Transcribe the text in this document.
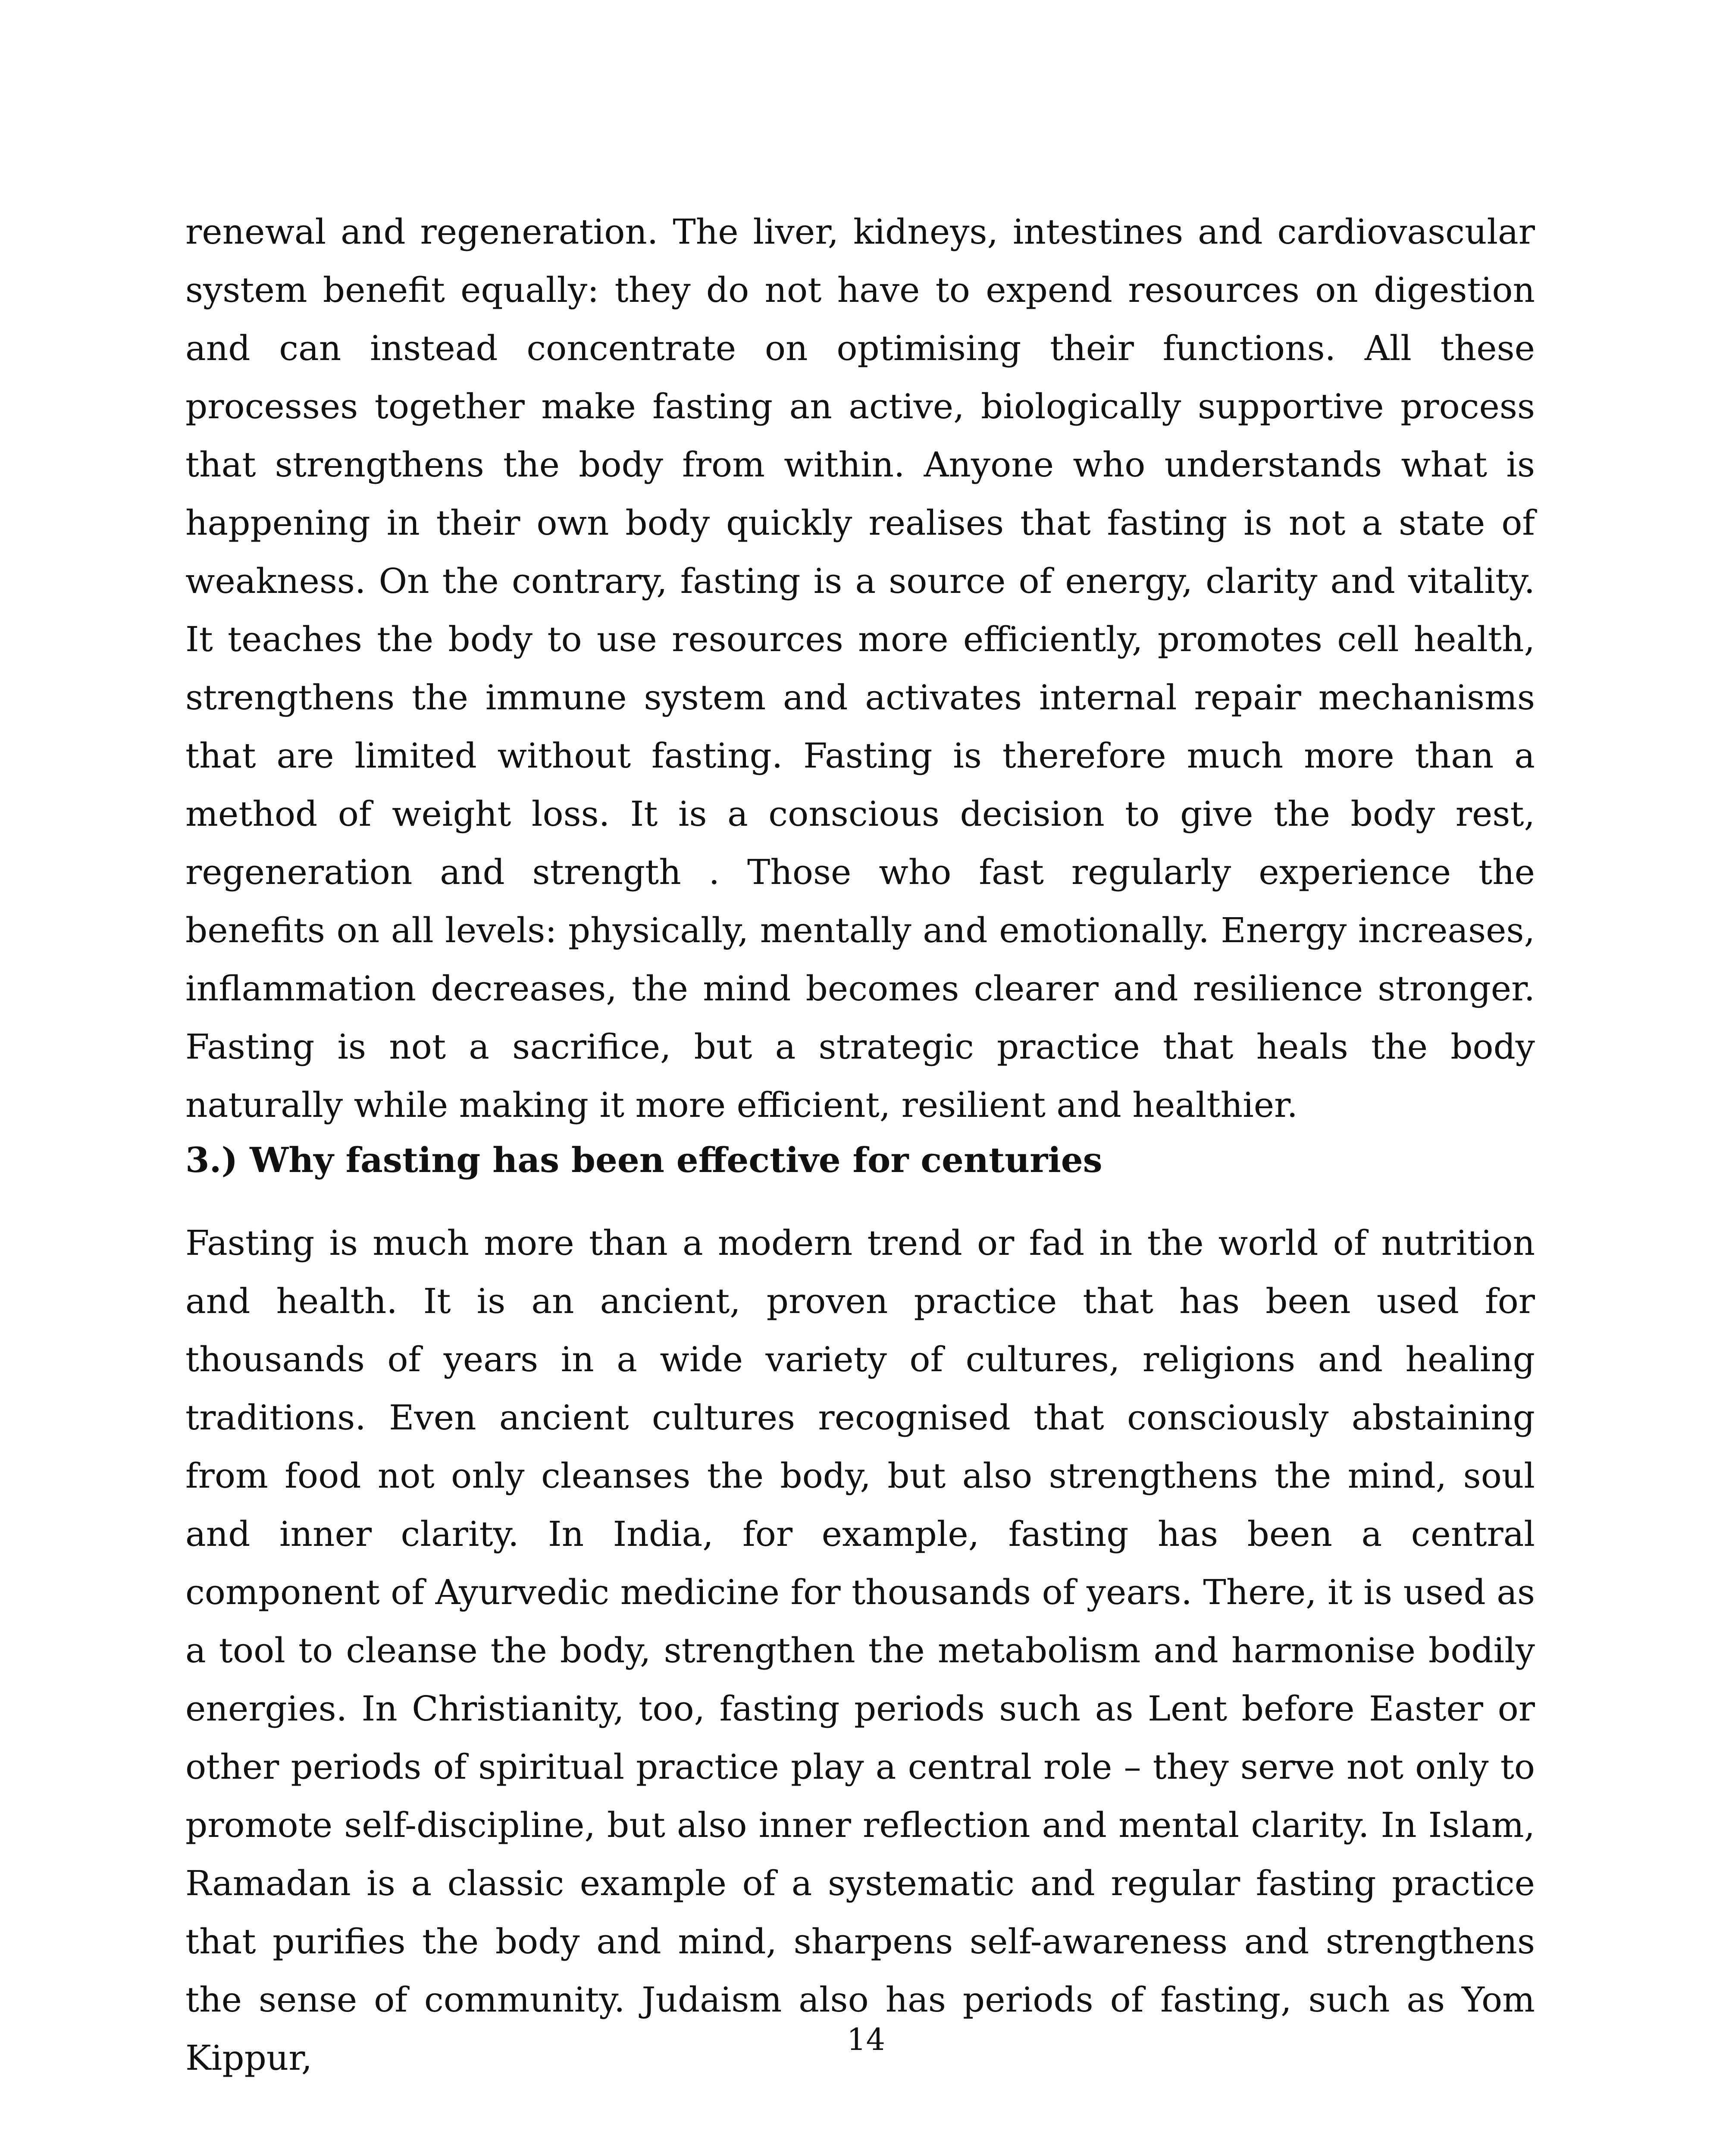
renewal and regeneration. The liver, kidneys, intestines and cardiovascular system benefit equally: they do not have to expend resources on digestion and can instead concentrate on optimising their functions. All these processes together make fasting an active, biologically supportive process that strengthens the body from within. Anyone who understands what is happening in their own body quickly realises that fasting is not a state of weakness. On the contrary, fasting is a source of energy, clarity and vitality. It teaches the body to use resources more efficiently, promotes cell health, strengthens the immune system and activates internal repair mechanisms that are limited without fasting. Fasting is therefore much more than a method of weight loss. It is a conscious decision to give the body rest, regeneration and strength . Those who fast regularly experience the benefits on all levels: physically, mentally and emotionally. Energy increases, inflammation decreases, the mind becomes clearer and resilience stronger. Fasting is not a sacrifice, but a strategic practice that heals the body naturally while making it more efficient, resilient and healthier.

3.) Why fasting has been effective for centuries

Fasting is much more than a modern trend or fad in the world of nutrition and health. It is an ancient, proven practice that has been used for thousands of years in a wide variety of cultures, religions and healing traditions. Even ancient cultures recognised that consciously abstaining from food not only cleanses the body, but also strengthens the mind, soul and inner clarity. In India, for example, fasting has been a central component of Ayurvedic medicine for thousands of years. There, it is used as a tool to cleanse the body, strengthen the metabolism and harmonise bodily energies. In Christianity, too, fasting periods such as Lent before Easter or other periods of spiritual practice play a central role – they serve not only to promote self-discipline, but also inner reflection and mental clarity. In Islam, Ramadan is a classic example of a systematic and regular fasting practice that purifies the body and mind, sharpens self-awareness and strengthens the sense of community. Judaism also has periods of fasting, such as Yom Kippur,	14
